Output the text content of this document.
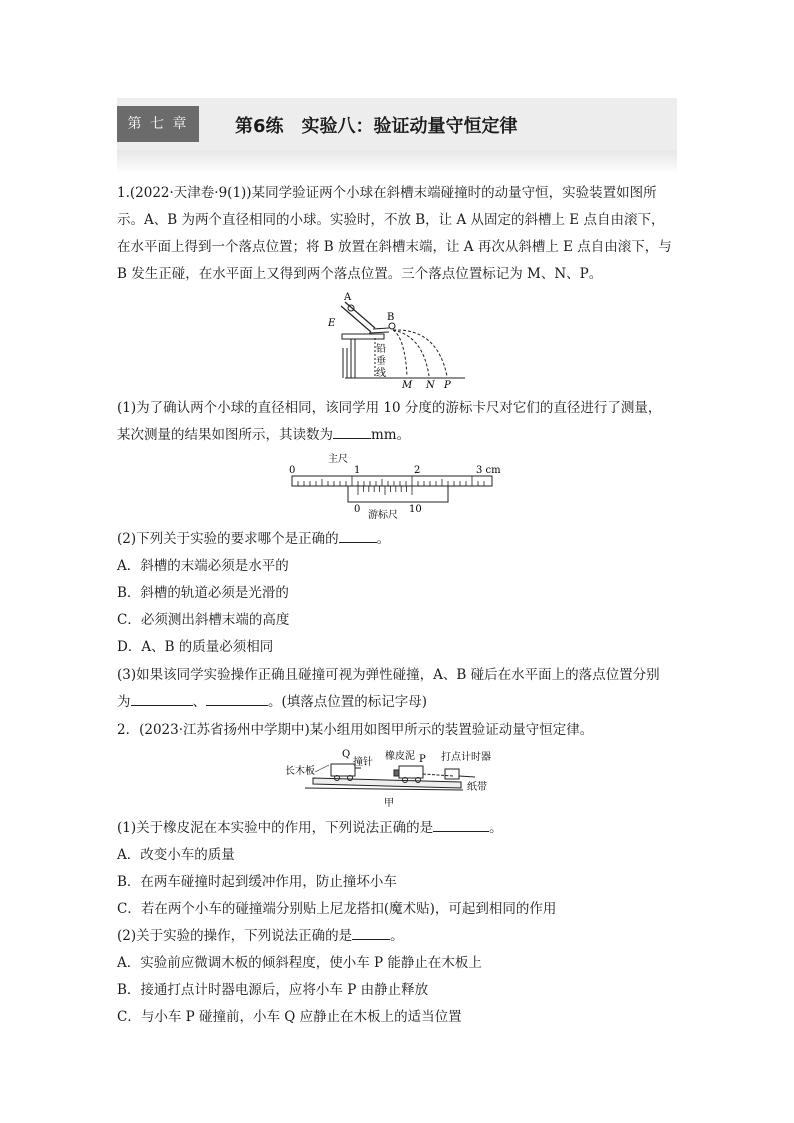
第 七 章	第6练　实验八：验证动量守恒定律
1.(2022·天津卷·9(1))某同学验证两个小球在斜槽末端碰撞时的动量守恒，实验装置如图所示。A、B 为两个直径相同的小球。实验时，不放 B，让 A 从固定的斜槽上 E 点自由滚下，在水平面上得到一个落点位置；将 B 放置在斜槽末端，让 A 再次从斜槽上 E 点自由滚下，与 B 发生正碰，在水平面上又得到两个落点位置。三个落点位置标记为 M、N、P。
A
E
B
铅
垂
线
M N P
(1)为了确认两个小球的直径相同，该同学用 10 分度的游标卡尺对它们的直径进行了测量，
某次测量的结果如图所示，其读数为	mm。
主尺
0	1	2	3 cm
0	10
游标尺
(2)下列关于实验的要求哪个是正确的	。
A．斜槽的末端必须是水平的
B．斜槽的轨道必须是光滑的
C．必须测出斜槽末端的高度
D．A、B 的质量必须相同
(3)如果该同学实验操作正确且碰撞可视为弹性碰撞，A、B 碰后在水平面上的落点位置分别
为	、	。(填落点位置的标记字母)
2．(2023·江苏省扬州中学期中)某小组用如图甲所示的装置验证动量守恒定律。
长木板
Q
撞针
橡皮泥 P 打点计时器
纸带
甲
(1)关于橡皮泥在本实验中的作用，下列说法正确的是	。
A．改变小车的质量
B．在两车碰撞时起到缓冲作用，防止撞坏小车
C．若在两个小车的碰撞端分别贴上尼龙搭扣(魔术贴)，可起到相同的作用
(2)关于实验的操作，下列说法正确的是	。
A．实验前应微调木板的倾斜程度，使小车 P 能静止在木板上
B．接通打点计时器电源后，应将小车 P 由静止释放
C．与小车 P 碰撞前，小车 Q 应静止在木板上的适当位置
